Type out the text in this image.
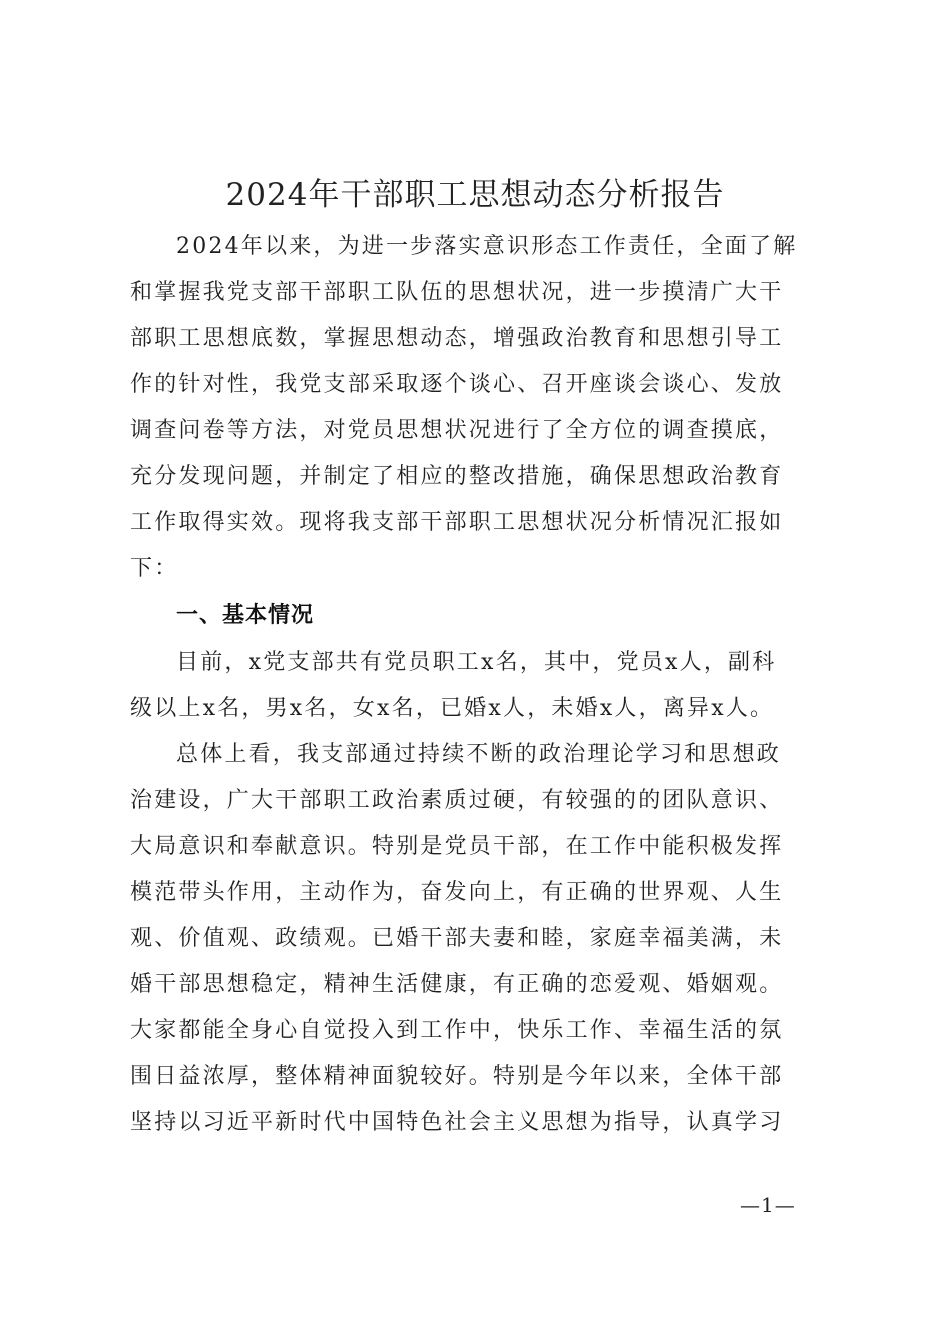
2024年干部职工思想动态分析报告
2024年以来，为进一步落实意识形态工作责任，全面了解
和掌握我党支部干部职工队伍的思想状况，进一步摸清广大干
部职工思想底数，掌握思想动态，增强政治教育和思想引导工
作的针对性，我党支部采取逐个谈心、召开座谈会谈心、发放
调查问卷等方法，对党员思想状况进行了全方位的调查摸底，
充分发现问题，并制定了相应的整改措施，确保思想政治教育
工作取得实效。现将我支部干部职工思想状况分析情况汇报如
下：
一、基本情况
目前，x党支部共有党员职工x名，其中，党员x人，副科
级以上x名，男x名，女x名，已婚x人，未婚x人，离异x人。
总体上看，我支部通过持续不断的政治理论学习和思想政
治建设，广大干部职工政治素质过硬，有较强的的团队意识、
大局意识和奉献意识。特别是党员干部，在工作中能积极发挥
模范带头作用，主动作为，奋发向上，有正确的世界观、人生
观、价值观、政绩观。已婚干部夫妻和睦，家庭幸福美满，未
婚干部思想稳定，精神生活健康，有正确的恋爱观、婚姻观。
大家都能全身心自觉投入到工作中，快乐工作、幸福生活的氛
围日益浓厚，整体精神面貌较好。特别是今年以来，全体干部
坚持以习近平新时代中国特色社会主义思想为指导，认真学习
—1—
